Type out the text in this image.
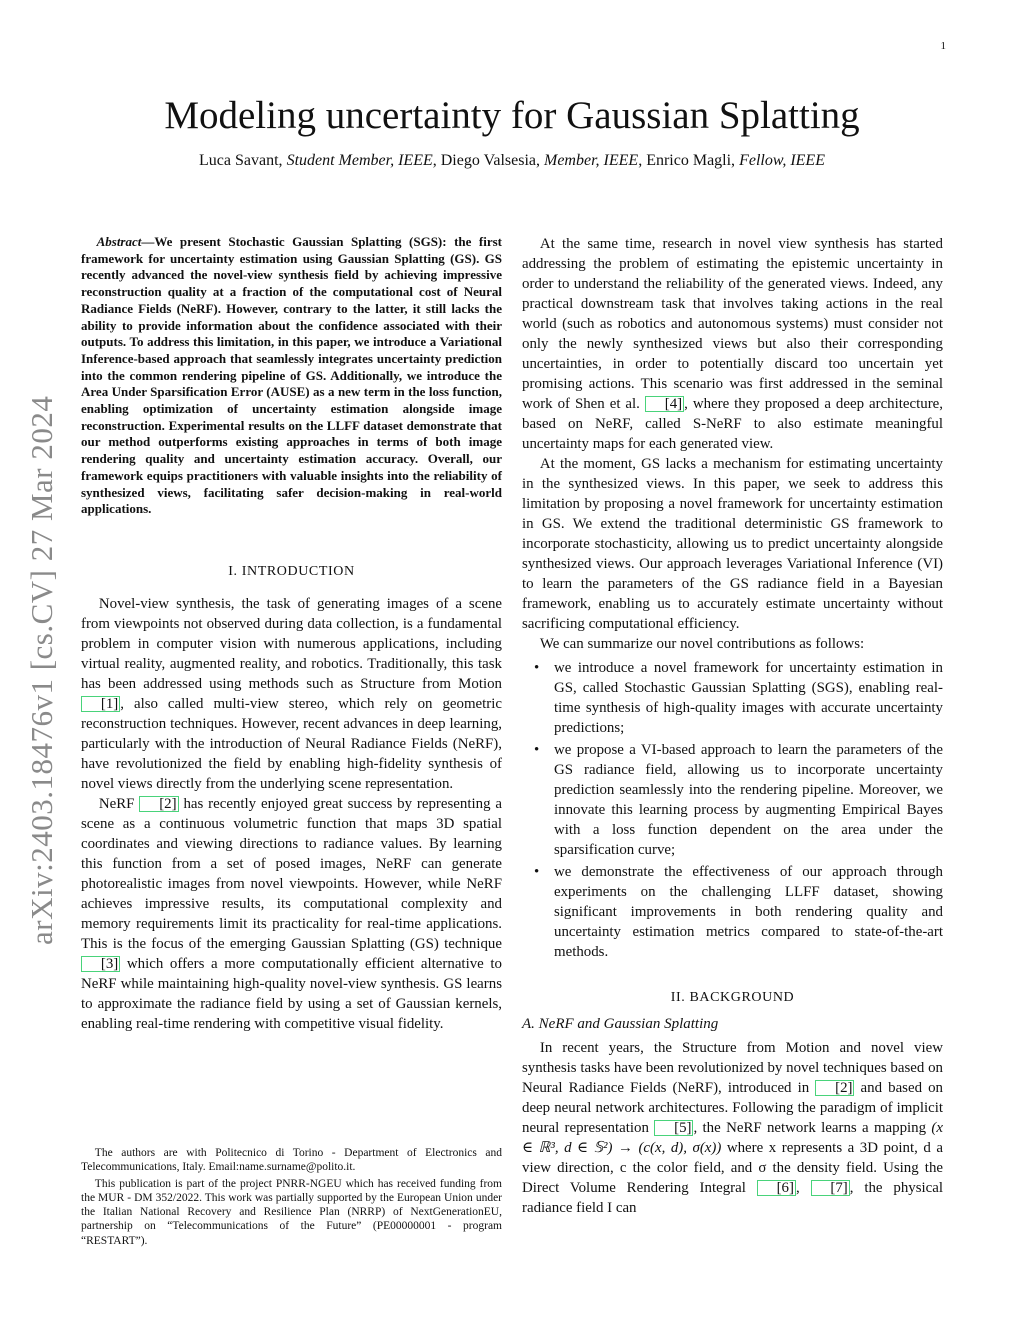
1
arXiv:2403.18476v1 [cs.CV] 27 Mar 2024
Modeling uncertainty for Gaussian Splatting
Luca Savant, Student Member, IEEE, Diego Valsesia, Member, IEEE, Enrico Magli, Fellow, IEEE

Abstract—We present Stochastic Gaussian Splatting (SGS): the first framework for uncertainty estimation using Gaussian Splatting (GS). GS recently advanced the novel-view synthesis field by achieving impressive reconstruction quality at a fraction of the computational cost of Neural Radiance Fields (NeRF). However, contrary to the latter, it still lacks the ability to provide information about the confidence associated with their outputs. To address this limitation, in this paper, we introduce a Variational Inference-based approach that seamlessly integrates uncertainty prediction into the common rendering pipeline of GS. Additionally, we introduce the Area Under Sparsification Error (AUSE) as a new term in the loss function, enabling optimization of uncertainty estimation alongside image reconstruction. Experimental results on the LLFF dataset demonstrate that our method outperforms existing approaches in terms of both image rendering quality and uncertainty estimation accuracy. Overall, our framework equips practitioners with valuable insights into the reliability of synthesized views, facilitating safer decision-making in real-world applications.

I. INTRODUCTION

Novel-view synthesis, the task of generating images of a scene from viewpoints not observed during data collection, is a fundamental problem in computer vision with numerous applications, including virtual reality, augmented reality, and robotics. Traditionally, this task has been addressed using methods such as Structure from Motion [1] , also called multi-view stereo, which rely on geometric reconstruction techniques. However, recent advances in deep learning, particularly with the introduction of Neural Radiance Fields (NeRF), have revolutionized the field by enabling high-fidelity synthesis of novel views directly from the underlying scene representation.

NeRF [2] has recently enjoyed great success by representing a scene as a continuous volumetric function that maps 3D spatial coordinates and viewing directions to radiance values. By learning this function from a set of posed images, NeRF can generate photorealistic images from novel viewpoints. However, while NeRF achieves impressive results, its computational complexity and memory requirements limit its practicality for real-time applications. This is the focus of the emerging Gaussian Splatting (GS) technique [3] which offers a more computationally efficient alternative to NeRF while maintaining high-quality novel-view synthesis. GS learns to approximate the radiance field by using a set of Gaussian kernels, enabling real-time rendering with competitive visual fidelity.

The authors are with Politecnico di Torino - Department of Electronics and Telecommunications, Italy. Email:name.surname@polito.it.

This publication is part of the project PNRR-NGEU which has received funding from the MUR - DM 352/2022. This work was partially supported by the European Union under the Italian National Recovery and Resilience Plan (NRRP) of NextGenerationEU, partnership on “Telecommunications of the Future” (PE00000001 - program “RESTART”).

At the same time, research in novel view synthesis has started addressing the problem of estimating the epistemic uncertainty in order to understand the reliability of the generated views. Indeed, any practical downstream task that involves taking actions in the real world (such as robotics and autonomous systems) must consider not only the newly synthesized views but also their corresponding uncertainties, in order to potentially discard too uncertain yet promising actions. This scenario was first addressed in the seminal work of Shen et al. [4] , where they proposed a deep architecture, based on NeRF, called S-NeRF to also estimate meaningful uncertainty maps for each generated view.

At the moment, GS lacks a mechanism for estimating uncertainty in the synthesized views. In this paper, we seek to address this limitation by proposing a novel framework for uncertainty estimation in GS. We extend the traditional deterministic GS framework to incorporate stochasticity, allowing us to predict uncertainty alongside synthesized views. Our approach leverages Variational Inference (VI) to learn the parameters of the GS radiance field in a Bayesian framework, enabling us to accurately estimate uncertainty without sacrificing computational efficiency.

We can summarize our novel contributions as follows:

• we introduce a novel framework for uncertainty estimation in GS, called Stochastic Gaussian Splatting (SGS), enabling real-time synthesis of high-quality images with accurate uncertainty predictions;
• we propose a VI-based approach to learn the parameters of the GS radiance field, allowing us to incorporate uncertainty prediction seamlessly into the rendering pipeline. Moreover, we innovate this learning process by augmenting Empirical Bayes with a loss function dependent on the area under the sparsification curve;
• we demonstrate the effectiveness of our approach through experiments on the challenging LLFF dataset, showing significant improvements in both rendering quality and uncertainty estimation metrics compared to state-of-the-art methods.
II. BACKGROUND
A. NeRF and Gaussian Splatting

In recent years, the Structure from Motion and novel view synthesis tasks have been revolutionized by novel techniques based on Neural Radiance Fields (NeRF), introduced in [2] and based on deep neural network architectures. Following the paradigm of implicit neural representation [5] , the NeRF network learns a mapping (x ∈ ℝ³, d ∈ 𝕊²) → (c(x, d), σ(x)) where x represents a 3D point, d a view direction, c the color field, and σ the density field. Using the Direct Volume Rendering Integral [6] , [7] , the physical radiance field I can
